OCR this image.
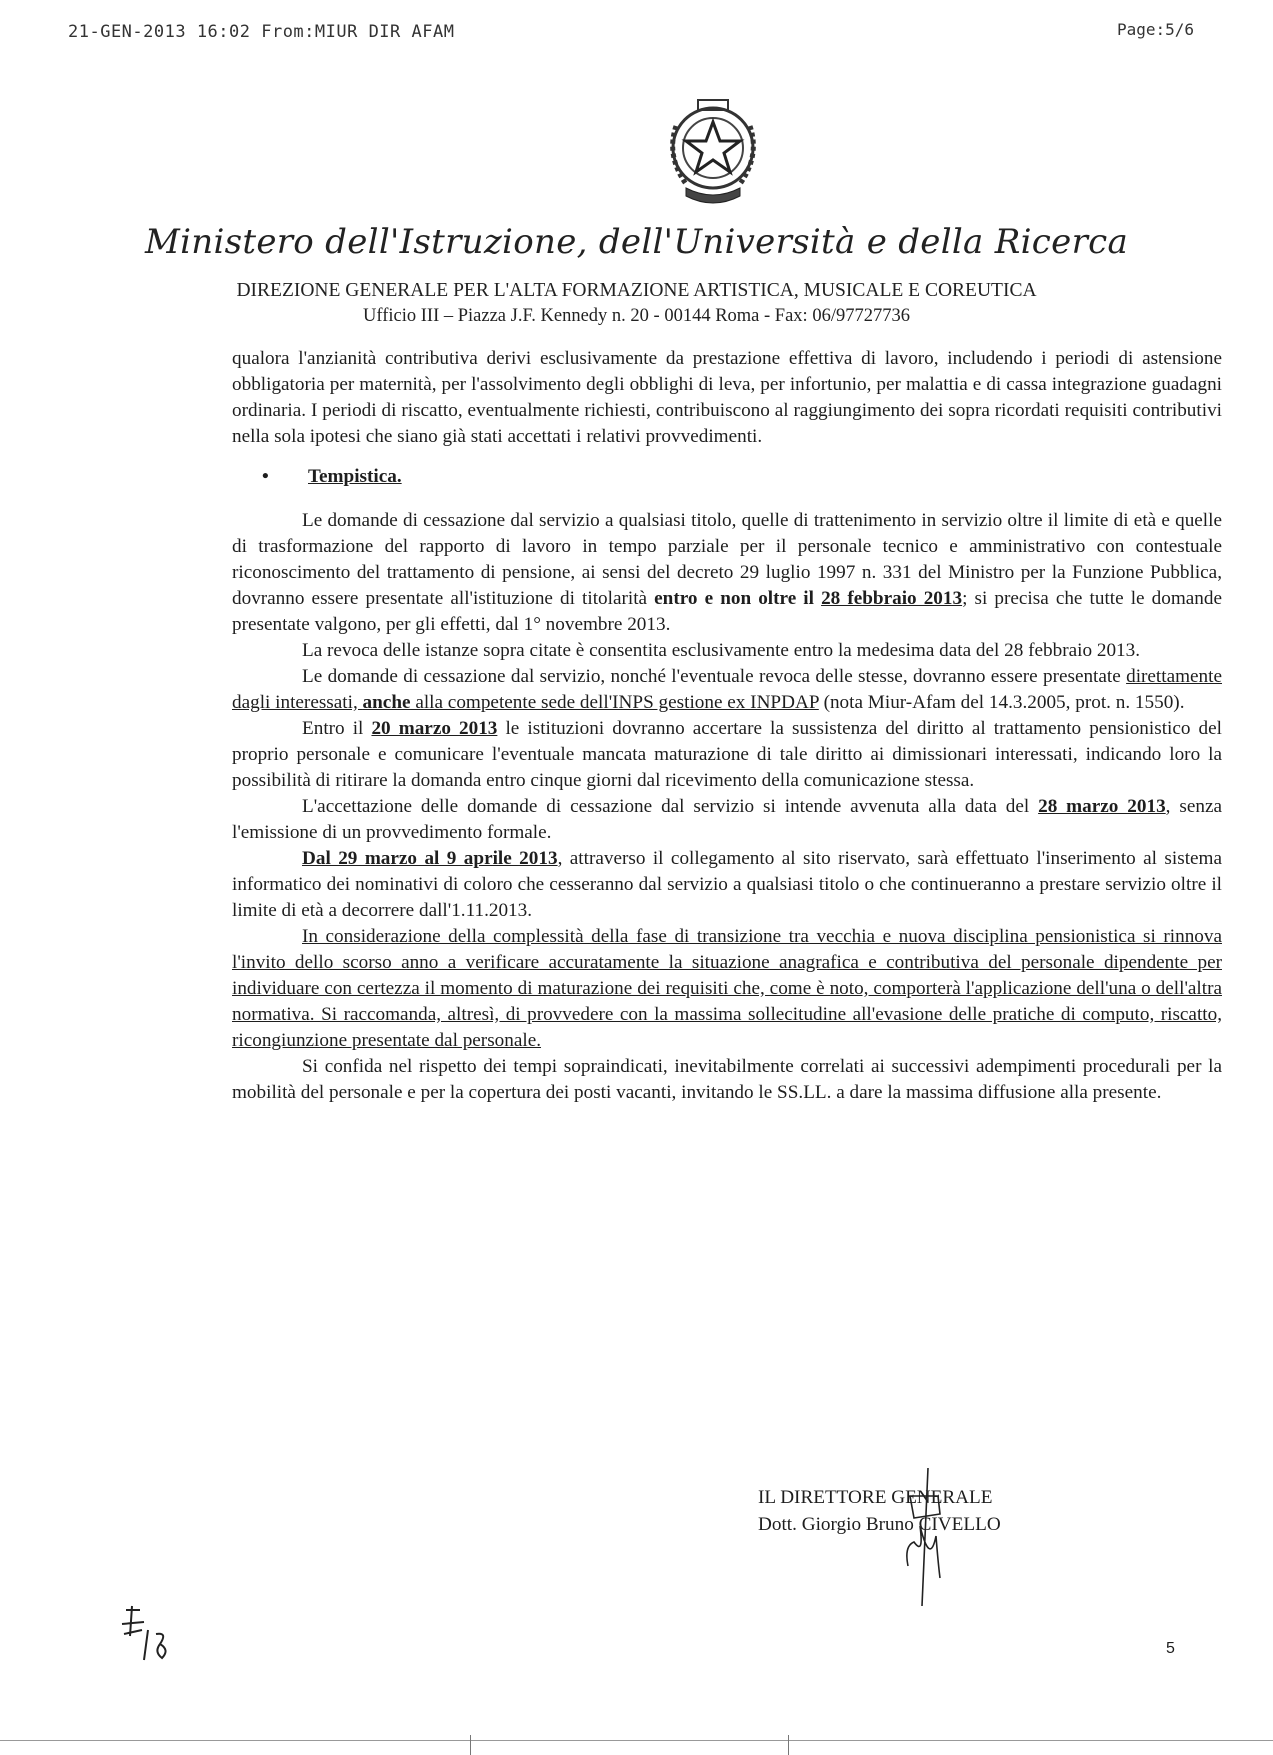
21-GEN-2013 16:02 From:MIUR DIR AFAM	Page:5/6
Ministero dell'Istruzione, dell'Università e della Ricerca
DIREZIONE GENERALE PER L'ALTA FORMAZIONE ARTISTICA, MUSICALE E COREUTICA
Ufficio III – Piazza J.F. Kennedy n. 20 - 00144 Roma - Fax: 06/97727736

qualora l'anzianità contributiva derivi esclusivamente da prestazione effettiva di lavoro, includendo i periodi di astensione obbligatoria per maternità, per l'assolvimento degli obblighi di leva, per infortunio, per malattia e di cassa integrazione guadagni ordinaria. I periodi di riscatto, eventualmente richiesti, contribuiscono al raggiungimento dei sopra ricordati requisiti contributivi nella sola ipotesi che siano già stati accettati i relativi provvedimenti.

• Tempistica.

Le domande di cessazione dal servizio a qualsiasi titolo, quelle di trattenimento in servizio oltre il limite di età e quelle di trasformazione del rapporto di lavoro in tempo parziale per il personale tecnico e amministrativo con contestuale riconoscimento del trattamento di pensione, ai sensi del decreto 29 luglio 1997 n. 331 del Ministro per la Funzione Pubblica, dovranno essere presentate all'istituzione di titolarità entro e non oltre il 28 febbraio 2013; si precisa che tutte le domande presentate valgono, per gli effetti, dal 1° novembre 2013.

La revoca delle istanze sopra citate è consentita esclusivamente entro la medesima data del 28 febbraio 2013.

Le domande di cessazione dal servizio, nonché l'eventuale revoca delle stesse, dovranno essere presentate direttamente dagli interessati, anche alla competente sede dell'INPS gestione ex INPDAP (nota Miur-Afam del 14.3.2005, prot. n. 1550).

Entro il 20 marzo 2013 le istituzioni dovranno accertare la sussistenza del diritto al trattamento pensionistico del proprio personale e comunicare l'eventuale mancata maturazione di tale diritto ai dimissionari interessati, indicando loro la possibilità di ritirare la domanda entro cinque giorni dal ricevimento della comunicazione stessa.

L'accettazione delle domande di cessazione dal servizio si intende avvenuta alla data del 28 marzo 2013, senza l'emissione di un provvedimento formale.

Dal 29 marzo al 9 aprile 2013, attraverso il collegamento al sito riservato, sarà effettuato l'inserimento al sistema informatico dei nominativi di coloro che cesseranno dal servizio a qualsiasi titolo o che continueranno a prestare servizio oltre il limite di età a decorrere dall'1.11.2013.

In considerazione della complessità della fase di transizione tra vecchia e nuova disciplina pensionistica si rinnova l'invito dello scorso anno a verificare accuratamente la situazione anagrafica e contributiva del personale dipendente per individuare con certezza il momento di maturazione dei requisiti che, come è noto, comporterà l'applicazione dell'una o dell'altra normativa. Si raccomanda, altresì, di provvedere con la massima sollecitudine all'evasione delle pratiche di computo, riscatto, ricongiunzione presentate dal personale.

Si confida nel rispetto dei tempi sopraindicati, inevitabilmente correlati ai successivi adempimenti procedurali per la mobilità del personale e per la copertura dei posti vacanti, invitando le SS.LL. a dare la massima diffusione alla presente.

IL DIRETTORE GENERALE
Dott. Giorgio Bruno CIVELLO
5
